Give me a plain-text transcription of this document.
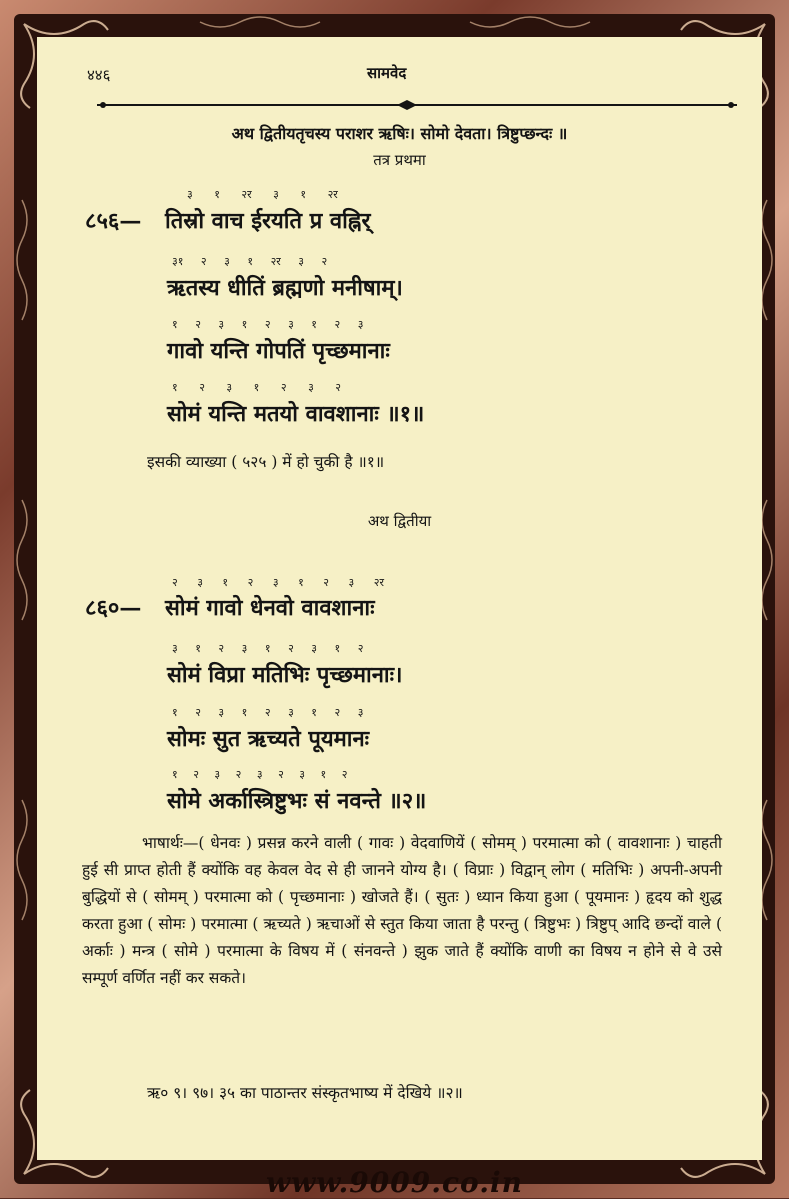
४४६	सामवेद
अथ द्वितीयतृचस्य पराशर ऋषिः। सोमो देवता। त्रिष्टुप्छन्दः ॥
तत्र प्रथमा
३ १ २र ३ १ २र
८५६— तिस्रो वाच ईरयति प्र वह्निर्
३१ २ ३ १ २र ३ २
ऋतस्य धीतिं ब्रह्मणो मनीषाम्।
१ २ ३ १ २ ३ १ २ ३
गावो यन्ति गोपतिं पृच्छमानाः
१ २ ३ १ २ ३ २
सोमं यन्ति मतयो वावशानाः ॥१॥
इसकी व्याख्या ( ५२५ ) में हो चुकी है ॥१॥
अथ द्वितीया
२ ३ १ २ ३ १ २ ३ २र
८६०— सोमं गावो धेनवो वावशानाः
३ १ २ ३ १ २ ३ १ २
सोमं विप्रा मतिभिः पृच्छमानाः।
१ २ ३ १ २ ३ १ २ ३
सोमः सुत ऋच्यते पूयमानः
१ २ ३ २ ३ २ ३ १ २
सोमे अर्कास्त्रिष्टुभः सं नवन्ते ॥२॥

भाषार्थः—( धेनवः ) प्रसन्न करने वाली ( गावः ) वेदवाणियें ( सोमम् ) परमात्मा को ( वावशानाः ) चाहती हुई सी प्राप्त होती हैं क्योंकि वह केवल वेद से ही जानने योग्य है। ( विप्राः ) विद्वान् लोग ( मतिभिः ) अपनी-अपनी बुद्धियों से ( सोमम् ) परमात्मा को ( पृच्छमानाः ) खोजते हैं। ( सुतः ) ध्यान किया हुआ ( पूयमानः ) हृदय को शुद्ध करता हुआ ( सोमः ) परमात्मा ( ऋच्यते ) ऋचाओं से स्तुत किया जाता है परन्तु ( त्रिष्टुभः ) त्रिष्टुप् आदि छन्दों वाले ( अर्काः ) मन्त्र ( सोमे ) परमात्मा के विषय में ( संनवन्ते ) झुक जाते हैं क्योंकि वाणी का विषय न होने से वे उसे सम्पूर्ण वर्णित नहीं कर सकते।

ऋ० ९। ९७। ३५ का पाठान्तर संस्कृतभाष्य में देखिये ॥२॥
www.9009.co.in
